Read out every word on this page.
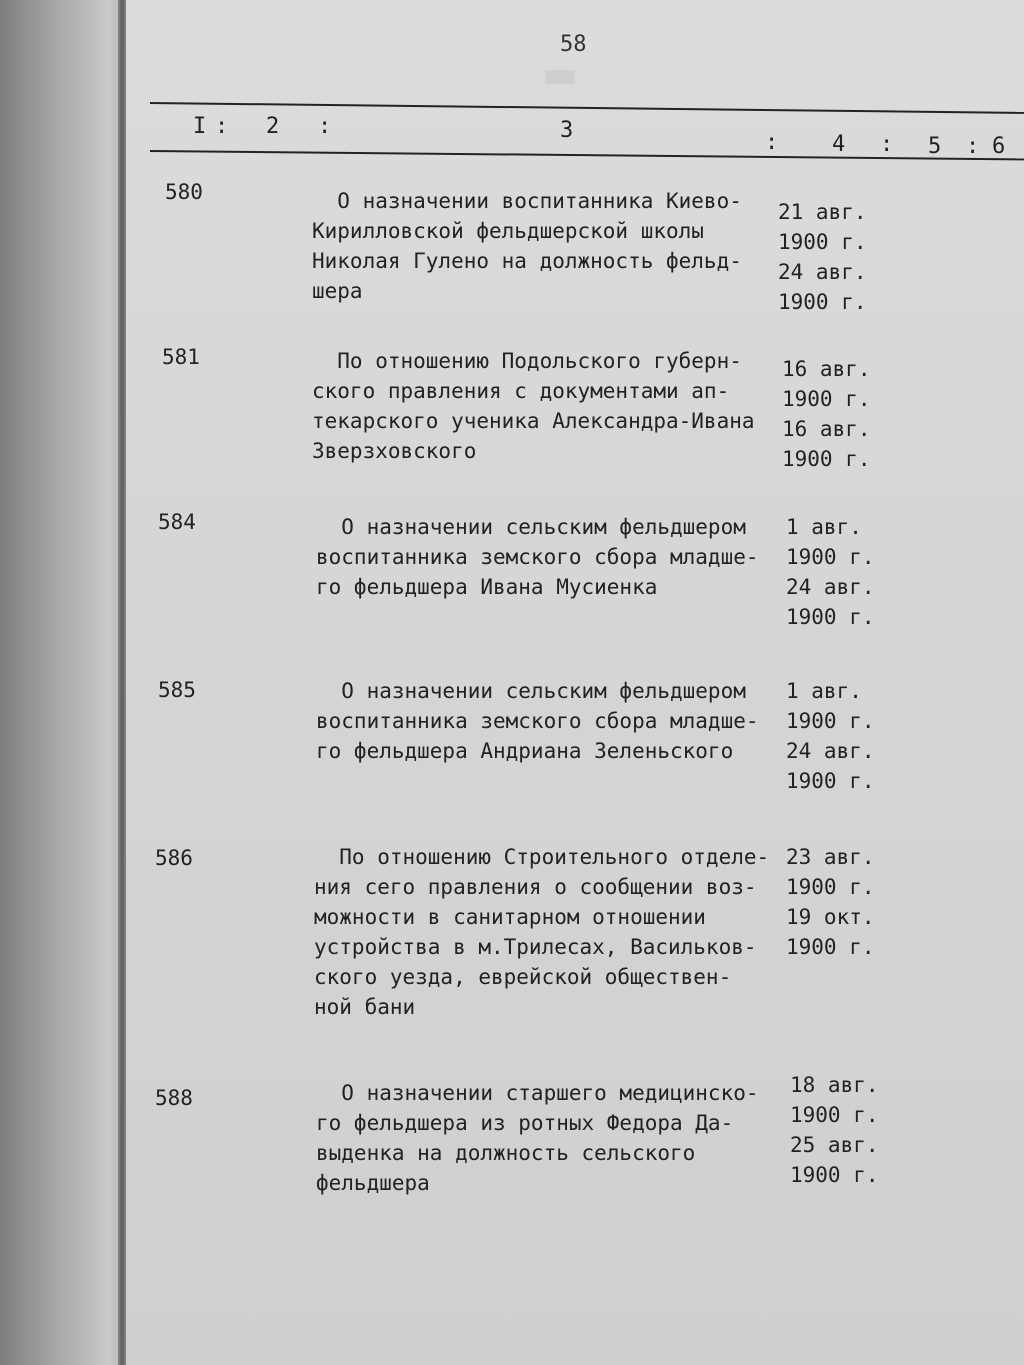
58
I : 2 :	3	: 4 : 5 : 6
580	О назначении воспитанника Киево-
Кирилловской фельдшерской школы
Николая Гулено на должность фельд-
шера
21 авг.
1900 г.
24 авг.
1900 г.
581	По отношению Подольского губерн-
ского правления с документами ап-
текарского ученика Александра-Ивана
Зверзховского
16 авг.
1900 г.
16 авг.
1900 г.
584	О назначении сельским фельдшером
воспитанника земского сбора младше-
го фельдшера Ивана Мусиенка
1 авг.
1900 г.
24 авг.
1900 г.
585	О назначении сельским фельдшером
воспитанника земского сбора младше-
го фельдшера Андриана Зеленьского
1 авг.
1900 г.
24 авг.
1900 г.
586	По отношению Строительного отделе-
ния сего правления о сообщении воз-
можности в санитарном отношении
устройства в м.Трилесах, Васильков-
ского уезда, еврейской обществен-
ной бани
23 авг.
1900 г.
19 окт.
1900 г.
588	О назначении старшего медицинско-
го фельдшера из ротных Федора Да-
выденка на должность сельского
фельдшера
18 авг.
1900 г.
25 авг.
1900 г.
